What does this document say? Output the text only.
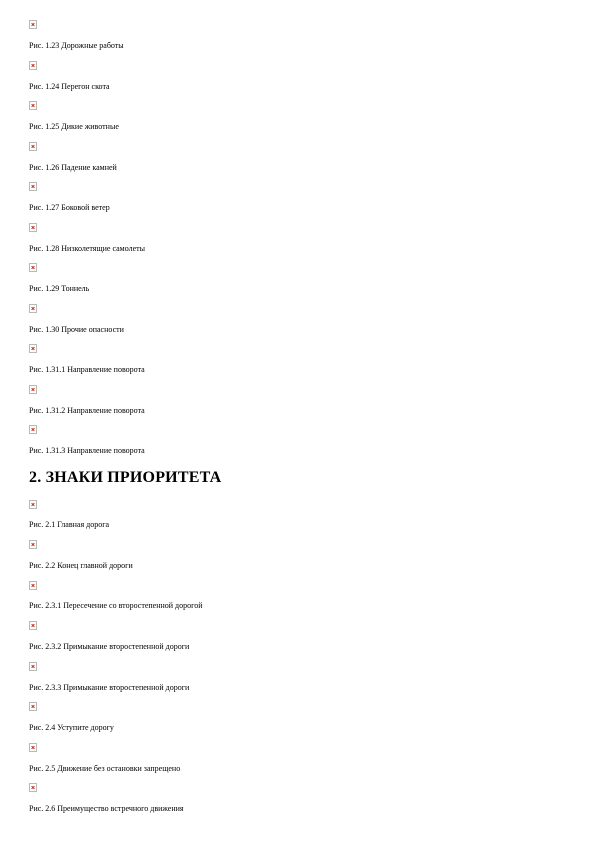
Рис. 1.23 Дорожные работы
Рис. 1.24 Перегон скота
Рис. 1.25 Дикие животные
Рис. 1.26 Падение камней
Рис. 1.27 Боковой ветер
Рис. 1.28 Низколетящие самолеты
Рис. 1.29 Тоннель
Рис. 1.30 Прочие опасности
Рис. 1.31.1 Направление поворота
Рис. 1.31.2 Направление поворота
Рис. 1.31.3 Направление поворота
2. ЗНАКИ ПРИОРИТЕТА
Рис. 2.1 Главная дорога
Рис. 2.2 Конец главной дороги
Рис. 2.3.1 Пересечение со второстепенной дорогой
Рис. 2.3.2 Примыкание второстепенной дороги
Рис. 2.3.3 Примыкание второстепенной дороги
Рис. 2.4 Уступите дорогу
Рис. 2.5 Движение без остановки запрещено
Рис. 2.6 Преимущество встречного движения
